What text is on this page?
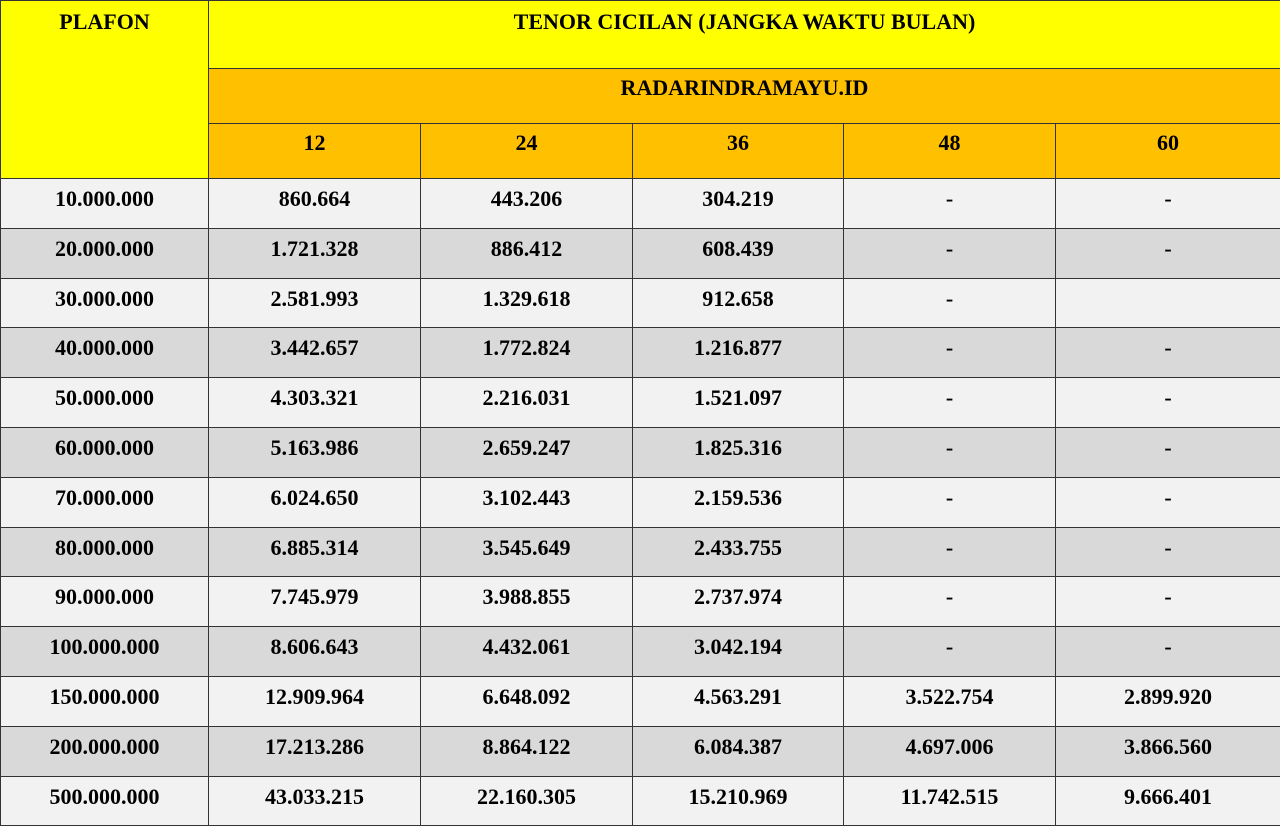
PLAFON	TENOR CICILAN (JANGKA WAKTU BULAN)				
	RADARINDRAMAYU.ID				
	12	24	36	48	60
10.000.000	860.664	443.206	304.219	-	-
20.000.000	1.721.328	886.412	608.439	-	-
30.000.000	2.581.993	1.329.618	912.658	-	
40.000.000	3.442.657	1.772.824	1.216.877	-	-
50.000.000	4.303.321	2.216.031	1.521.097	-	-
60.000.000	5.163.986	2.659.247	1.825.316	-	-
70.000.000	6.024.650	3.102.443	2.159.536	-	-
80.000.000	6.885.314	3.545.649	2.433.755	-	-
90.000.000	7.745.979	3.988.855	2.737.974	-	-
100.000.000	8.606.643	4.432.061	3.042.194	-	-
150.000.000	12.909.964	6.648.092	4.563.291	3.522.754	2.899.920
200.000.000	17.213.286	8.864.122	6.084.387	4.697.006	3.866.560
500.000.000	43.033.215	22.160.305	15.210.969	11.742.515	9.666.401
